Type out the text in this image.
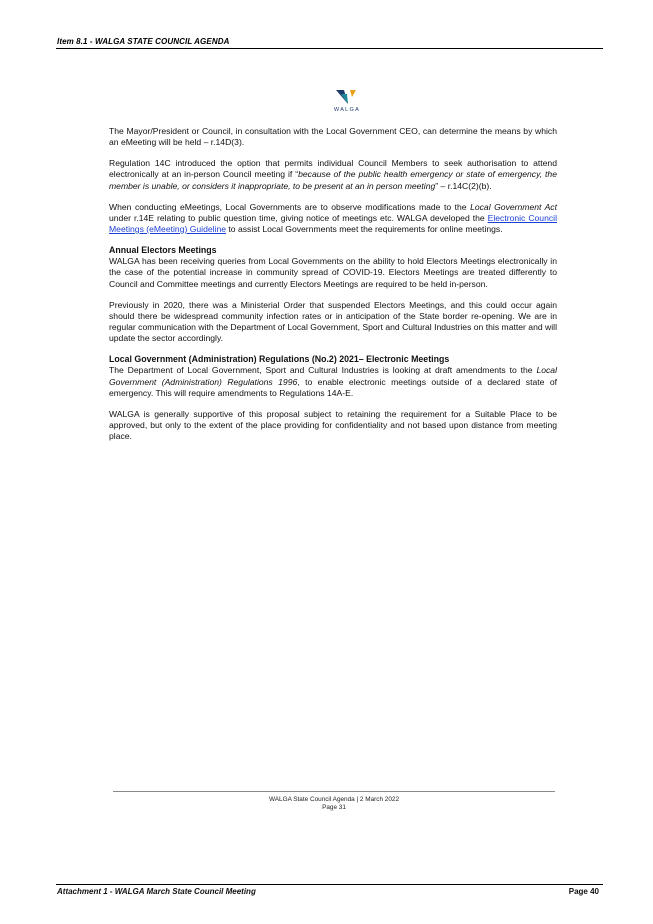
Item 8.1 - WALGA STATE COUNCIL AGENDA
WALGA

The Mayor/President or Council, in consultation with the Local Government CEO, can determine the means by which an eMeeting will be held – r.14D(3).

Regulation 14C introduced the option that permits individual Council Members to seek authorisation to attend electronically at an in-person Council meeting if “because of the public health emergency or state of emergency, the member is unable, or considers it inappropriate, to be present at an in person meeting” – r.14C(2)(b).

When conducting eMeetings, Local Governments are to observe modifications made to the Local Government Act under r.14E relating to public question time, giving notice of meetings etc. WALGA developed the Electronic Council Meetings (eMeeting) Guideline to assist Local Governments meet the requirements for online meetings.

Annual Electors Meetings

WALGA has been receiving queries from Local Governments on the ability to hold Electors Meetings electronically in the case of the potential increase in community spread of COVID-19. Electors Meetings are treated differently to Council and Committee meetings and currently Electors Meetings are required to be held in-person.

Previously in 2020, there was a Ministerial Order that suspended Electors Meetings, and this could occur again should there be widespread community infection rates or in anticipation of the State border re-opening. We are in regular communication with the Department of Local Government, Sport and Cultural Industries on this matter and will update the sector accordingly.

Local Government (Administration) Regulations (No.2) 2021– Electronic Meetings

The Department of Local Government, Sport and Cultural Industries is looking at draft amendments to the Local Government (Administration) Regulations 1996, to enable electronic meetings outside of a declared state of emergency. This will require amendments to Regulations 14A-E.

WALGA is generally supportive of this proposal subject to retaining the requirement for a Suitable Place to be approved, but only to the extent of the place providing for confidentiality and not based upon distance from meeting place.

WALGA State Council Agenda | 2 March 2022
Page 31
Attachment 1 - WALGA March State Council Meeting	Page 40
